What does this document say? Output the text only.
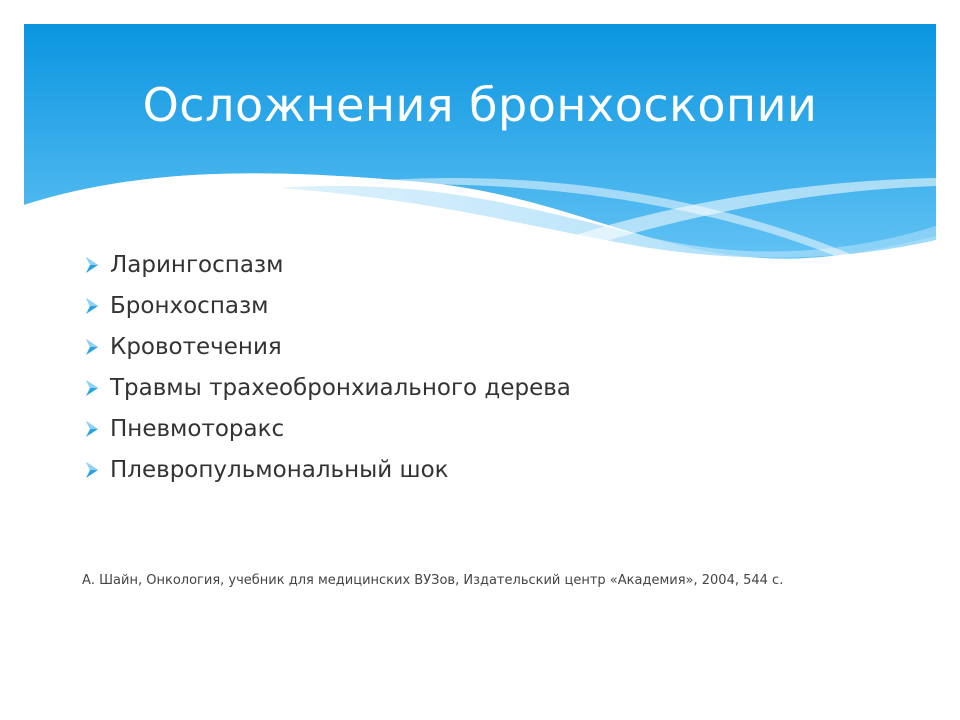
Осложнения бронхоскопии
Ларингоспазм
Бронхоспазм
Кровотечения
Травмы трахеобронхиального дерева
Пневмоторакс
Плевропульмональный шок

А. Шайн, Онкология, учебник для медицинских ВУЗов, Издательский центр «Академия», 2004, 544 с.
